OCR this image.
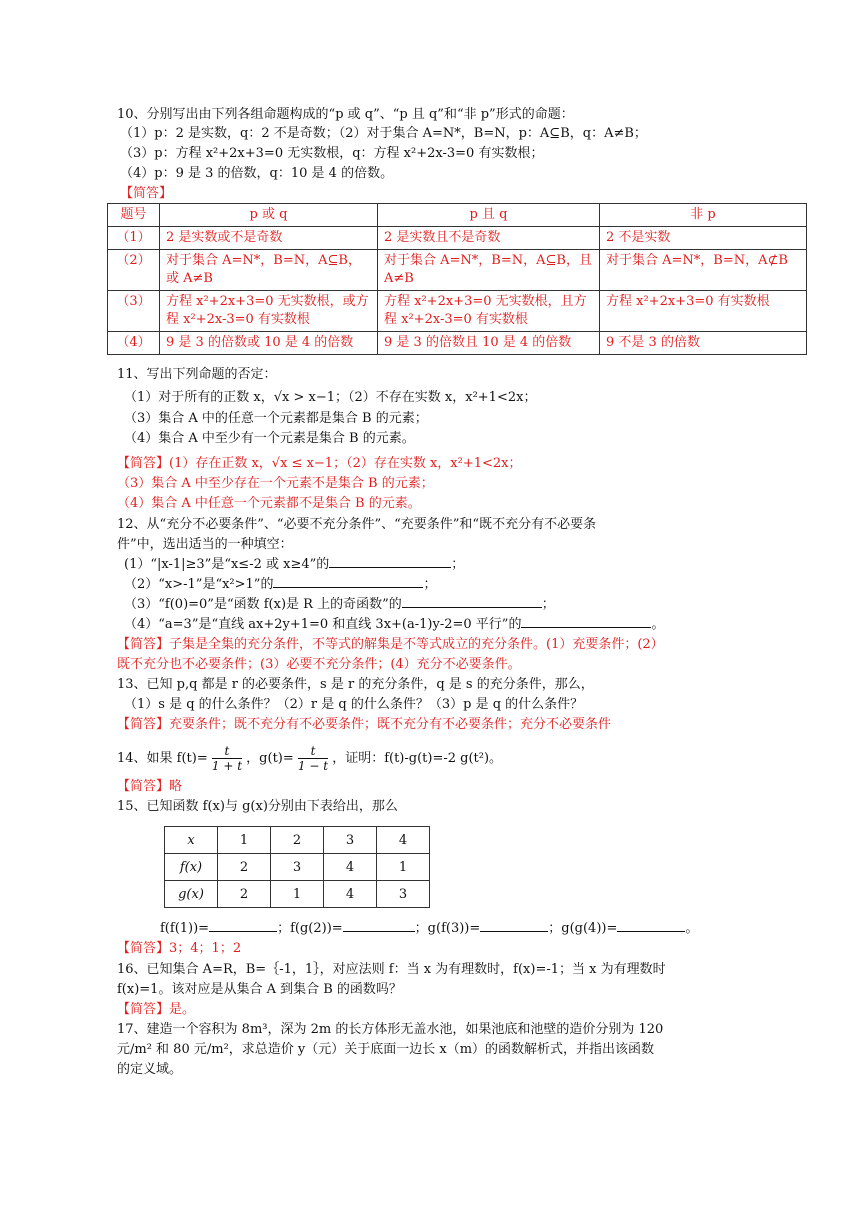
10、分别写出由下列各组命题构成的“p 或 q”、“p 且 q”和“非 p”形式的命题：
（1）p：2 是实数，q：2 不是奇数；（2）对于集合 A=N*，B=N，p：A⊆B，q：A≠B；
（3）p：方程 x²+2x+3=0 无实数根，q：方程 x²+2x-3=0 有实数根；
（4）p：9 是 3 的倍数，q：10 是 4 的倍数。
【简答】
题号	p 或 q	p 且 q	非 p
（1）	2 是实数或不是奇数	2 是实数且不是奇数	2 不是实数
（2）	对于集合 A=N*，B=N，A⊆B，或 A≠B	对于集合 A=N*，B=N，A⊆B，且 A≠B	对于集合 A=N*，B=N，A⊄B
（3）	方程 x²+2x+3=0 无实数根，或方程 x²+2x-3=0 有实数根	方程 x²+2x+3=0 无实数根，且方程 x²+2x-3=0 有实数根	方程 x²+2x+3=0 有实数根
（4）	9 是 3 的倍数或 10 是 4 的倍数	9 是 3 的倍数且 10 是 4 的倍数	9 不是 3 的倍数
11、写出下列命题的否定：
（1）对于所有的正数 x，√x > x−1；（2）不存在实数 x，x²+1<2x；
（3）集合 A 中的任意一个元素都是集合 B 的元素；
（4）集合 A 中至少有一个元素是集合 B 的元素。
【简答】(1）存在正数 x，√x ≤ x−1；（2）存在实数 x，x²+1<2x；
（3）集合 A 中至少存在一个元素不是集合 B 的元素；
（4）集合 A 中任意一个元素都不是集合 B 的元素。
12、从“充分不必要条件”、“必要不充分条件”、“充要条件”和“既不充分有不必要条
件”中，选出适当的一种填空：
(1）“|x-1|≥3”是“x≤-2 或 x≥4”的	；
（2）“x>-1”是“x²>1”的	；
（3）“f(0)=0”是“函数 f(x)是 R 上的奇函数”的	；
（4）“a=3”是“直线 ax+2y+1=0 和直线 3x+(a-1)y-2=0 平行”的	。
【简答】子集是全集的充分条件，不等式的解集是不等式成立的充分条件。(1）充要条件；(2）
既不充分也不必要条件；(3）必要不充分条件；(4）充分不必要条件。
13、已知 p,q 都是 r 的必要条件，s 是 r 的充分条件，q 是 s 的充分条件，那么，
（1）s 是 q 的什么条件？（2）r 是 q 的什么条件？（3）p 是 q 的什么条件？
【简答】充要条件；既不充分有不必要条件；既不充分有不必要条件；充分不必要条件
14、如果 $f(t)= \frac{t}{1 + t}$ ，$g(t)= \frac{t}{1 - t}$ ，证明：f(t)-g(t)=-2 g(t²)。
【简答】略
15、已知函数 f(x)与 g(x)分别由下表给出，那么
x	1	2	3	4
f(x)	2	3	4	1
g(x)	2	1	4	3
f(f(1))=	；f(g(2))=	；g(f(3))=	；g(g(4))=	。
【简答】3；4；1；2
16、已知集合 A=R，B=｛-1，1｝，对应法则 f：当 x 为有理数时，f(x)=-1；当 x 为有理数时
f(x)=1。该对应是从集合 A 到集合 B 的函数吗？
【简答】是。
17、建造一个容积为 8m³，深为 2m 的长方体形无盖水池，如果池底和池壁的造价分别为 120
元/m² 和 80 元/m²，求总造价 y（元）关于底面一边长 x（m）的函数解析式，并指出该函数
的定义域。
